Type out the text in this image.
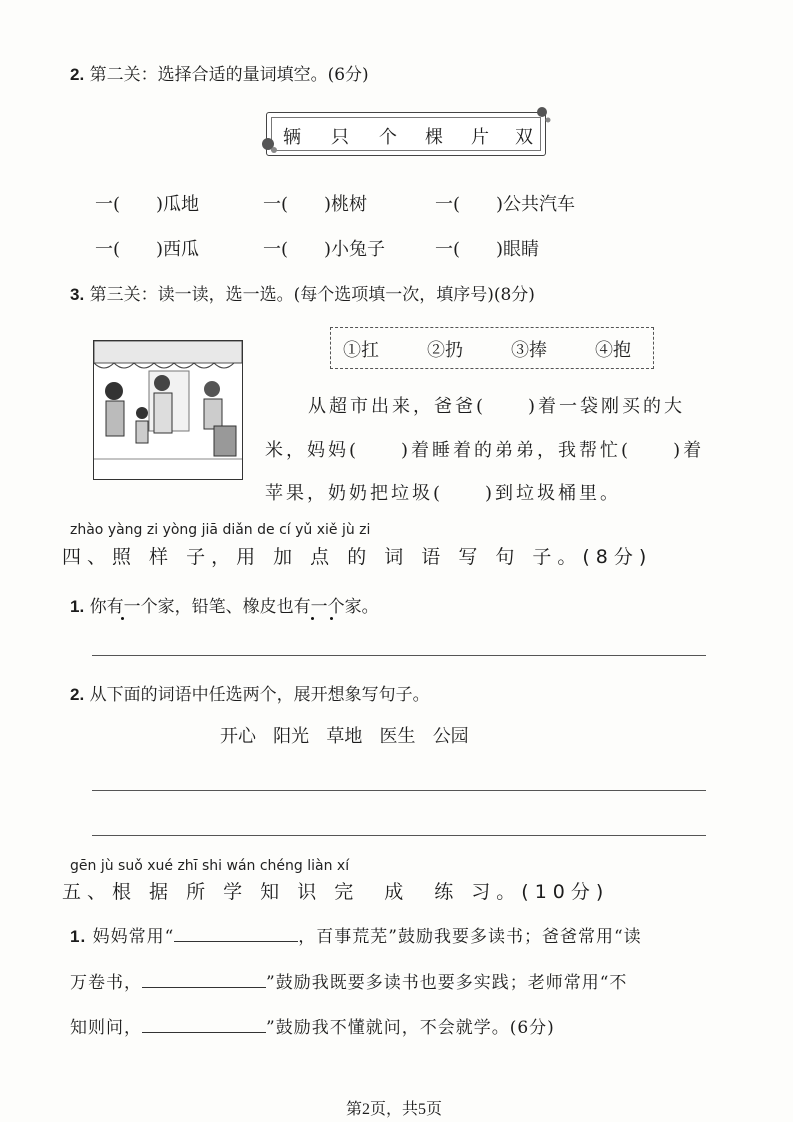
2. 第二关：选择合适的量词填空。(6分)
辆 只 个 棵 片 双
一(　　)瓜地	一(　　)桃树	一(　　)公共汽车
一(　　)西瓜	一(　　)小兔子	一(　　)眼睛
3. 第三关：读一读，选一选。(每个选项填一次，填序号)(8分)
①扛	②扔	③捧	④抱
从超市出来，爸爸(　　)着一袋刚买的大
米，妈妈(　　)着睡着的弟弟，我帮忙(　　)着
苹果，奶奶把垃圾(　　)到垃圾桶里。
zhào yàng zi yòng jiā diǎn de cí yǔ xiě jù zi
四、照 样 子，用 加 点 的 词 语 写 句 子。(8分)
1. 你有一个家，铅笔、橡皮也有一个家。
2. 从下面的词语中任选两个，展开想象写句子。
开心 阳光 草地 医生 公园
gēn jù suǒ xué zhī shi wán chéng liàn xí
五、根 据 所 学 知 识 完　成　练 习。(10分)
1. 妈妈常用“	，百事荒芜”鼓励我要多读书；爸爸常用“读
万卷书，	”鼓励我既要多读书也要多实践；老师常用“不
知则问，	”鼓励我不懂就问，不会就学。(6分)
第2页，共5页
